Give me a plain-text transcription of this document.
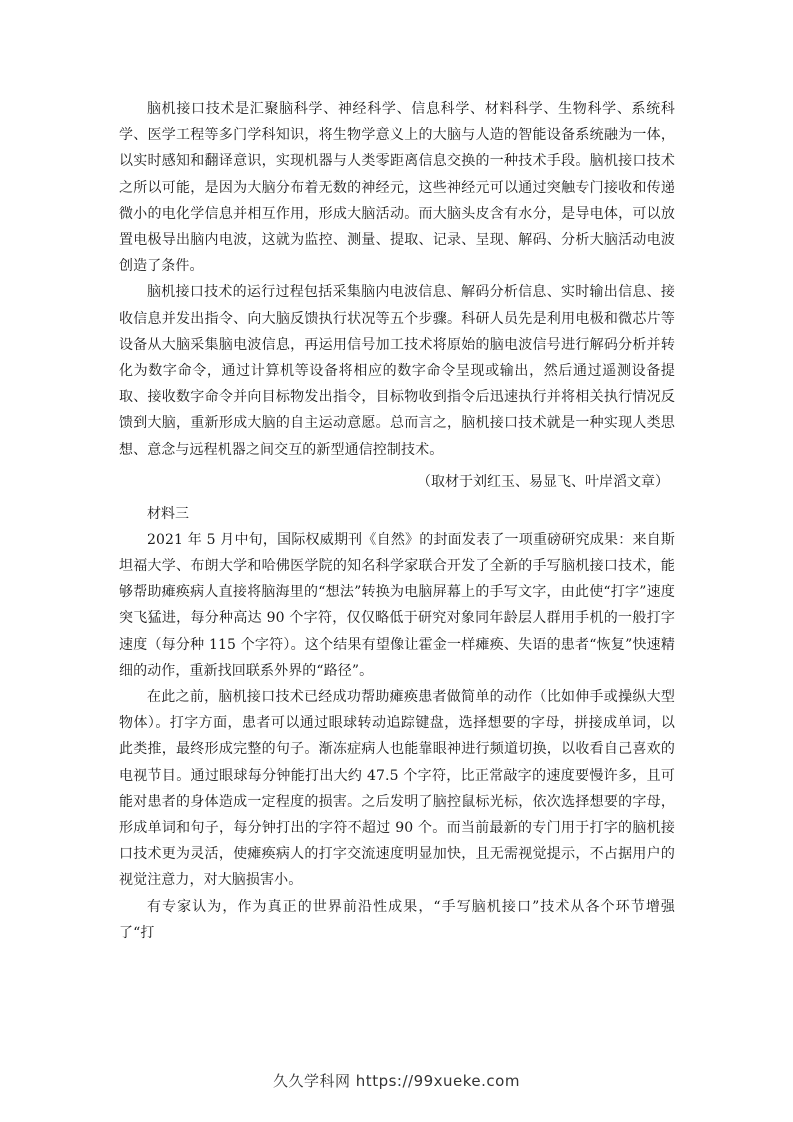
脑机接口技术是汇聚脑科学、神经科学、信息科学、材料科学、生物科学、系统科学、医学工程等多门学科知识，将生物学意义上的大脑与人造的智能设备系统融为一体，以实时感知和翻译意识，实现机器与人类零距离信息交换的一种技术手段。脑机接口技术之所以可能，是因为大脑分布着无数的神经元，这些神经元可以通过突触专门接收和传递微小的电化学信息并相互作用，形成大脑活动。而大脑头皮含有水分，是导电体，可以放置电极导出脑内电波，这就为监控、测量、提取、记录、呈现、解码、分析大脑活动电波创造了条件。

脑机接口技术的运行过程包括采集脑内电波信息、解码分析信息、实时输出信息、接收信息并发出指令、向大脑反馈执行状况等五个步骤。科研人员先是利用电极和微芯片等设备从大脑采集脑电波信息，再运用信号加工技术将原始的脑电波信号进行解码分析并转化为数字命令，通过计算机等设备将相应的数字命令呈现或输出，然后通过遥测设备提取、接收数字命令并向目标物发出指令，目标物收到指令后迅速执行并将相关执行情况反馈到大脑，重新形成大脑的自主运动意愿。总而言之，脑机接口技术就是一种实现人类思想、意念与远程机器之间交互的新型通信控制技术。

（取材于刘红玉、易显飞、叶岸滔文章）

材料三

2021 年 5 月中旬，国际权威期刊《自然》的封面发表了一项重磅研究成果：来自斯坦福大学、布朗大学和哈佛医学院的知名科学家联合开发了全新的手写脑机接口技术，能够帮助瘫痪病人直接将脑海里的“想法”转换为电脑屏幕上的手写文字，由此使“打字”速度突飞猛进，每分种高达 90 个字符，仅仅略低于研究对象同年龄层人群用手机的一般打字速度（每分种 115 个字符）。这个结果有望像让霍金一样瘫痪、失语的患者“恢复”快速精细的动作，重新找回联系外界的“路径”。

在此之前，脑机接口技术已经成功帮助瘫痪患者做简单的动作（比如伸手或操纵大型物体）。打字方面，患者可以通过眼球转动追踪键盘，选择想要的字母，拼接成单词，以此类推，最终形成完整的句子。渐冻症病人也能靠眼神进行频道切换，以收看自己喜欢的电视节目。通过眼球每分钟能打出大约 47.5 个字符，比正常敲字的速度要慢许多，且可能对患者的身体造成一定程度的损害。之后发明了脑控鼠标光标，依次选择想要的字母，形成单词和句子，每分钟打出的字符不超过 90 个。而当前最新的专门用于打字的脑机接口技术更为灵活，使瘫痪病人的打字交流速度明显加快，且无需视觉提示，不占据用户的视觉注意力，对大脑损害小。

有专家认为，作为真正的世界前沿性成果，“手写脑机接口”技术从各个环节增强了“打

久久学科网 https://99xueke.com
